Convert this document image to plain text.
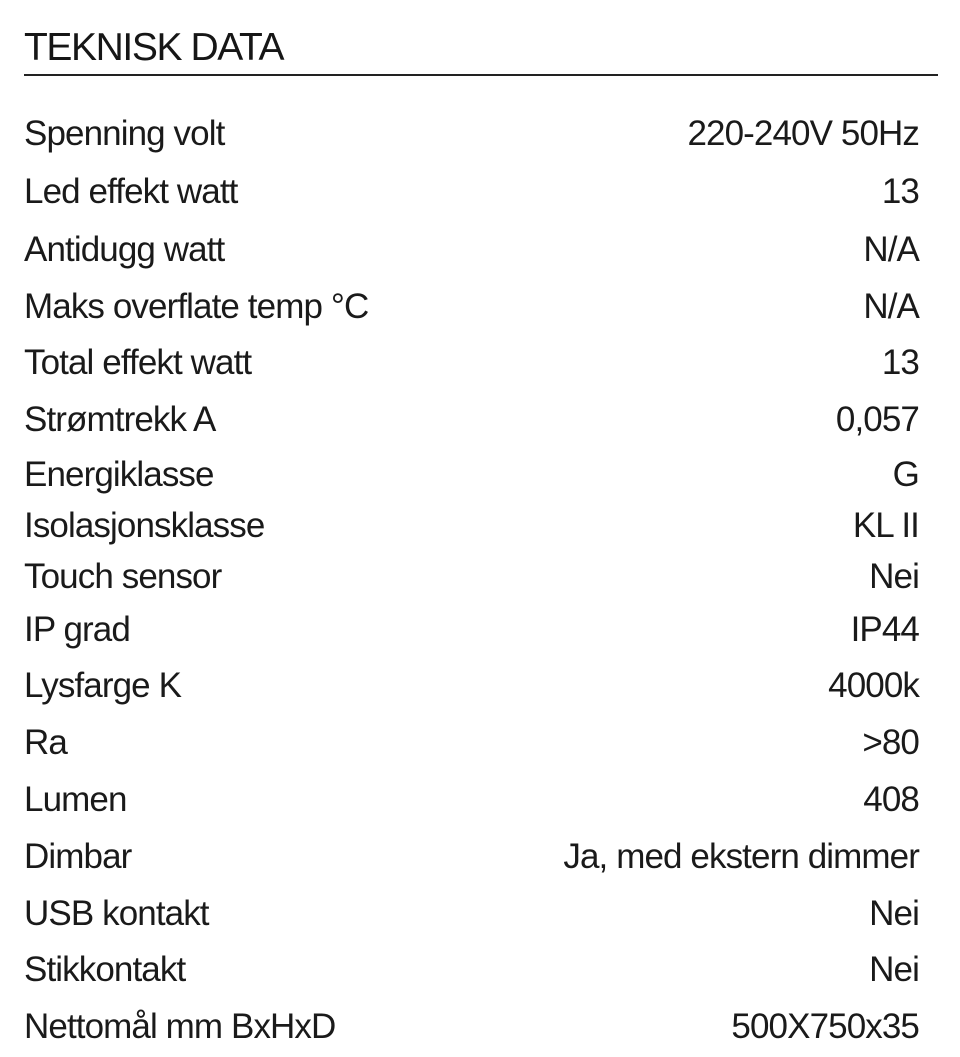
TEKNISK DATA
Spenning volt	220-240V 50Hz
Led effekt watt	13
Antidugg watt	N/A
Maks overflate temp °C	N/A
Total effekt watt	13
Strømtrekk A	0,057
Energiklasse	G
Isolasjonsklasse	KL II
Touch sensor	Nei
IP grad	IP44
Lysfarge K	4000k
Ra	>80
Lumen	408
Dimbar	Ja, med ekstern dimmer
USB kontakt	Nei
Stikkontakt	Nei
Nettomål mm BxHxD	500X750x35
